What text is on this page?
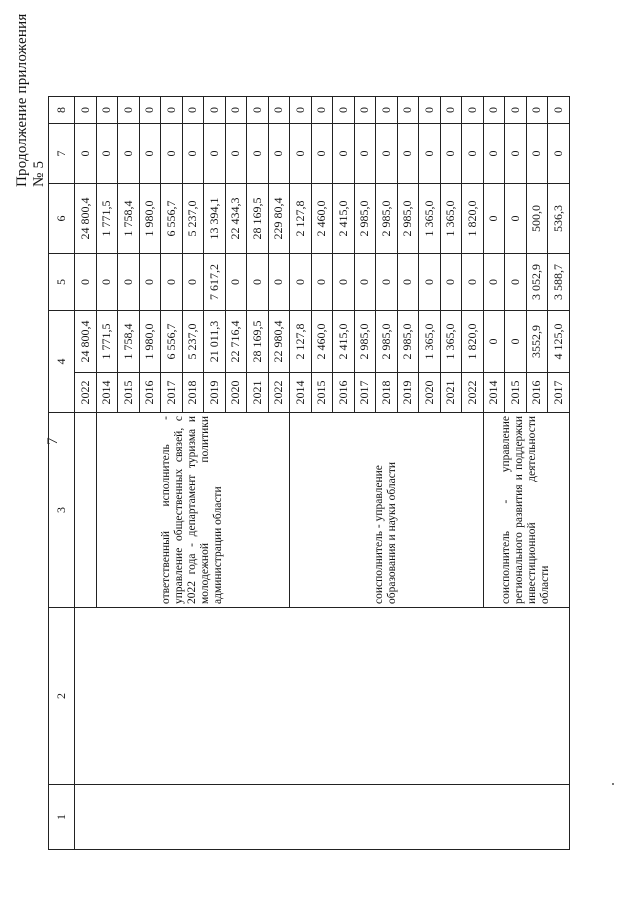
7
Продолжение приложения № 5
1	2	3	4		5	6	7	8
			2022	24 800,4	0	24 800,4	0	0
		ответственный исполнитель - управление общественных связей, с 2022 года - департамент туризма и молодежной политики администрации области	2014	1 771,5	0	1 771,5	0	0
			2015	1 758,4	0	1 758,4	0	0
			2016	1 980,0	0	1 980,0	0	0
			2017	6 556,7	0	6 556,7	0	0
			2018	5 237,0	0	5 237,0	0	0
			2019	21 011,3	7 617,2	13 394,1	0	0
			2020	22 716,4	0	22 434,3	0	0
			2021	28 169,5	0	28 169,5	0	0
			2022	22 980,4	0	229 80,4	0	0
		соисполнитель - управление образования и науки области	2014	2 127,8	0	2 127,8	0	0
			2015	2 460,0	0	2 460,0	0	0
			2016	2 415,0	0	2 415,0	0	0
			2017	2 985,0	0	2 985,0	0	0
			2018	2 985,0	0	2 985,0	0	0
			2019	2 985,0	0	2 985,0	0	0
			2020	1 365,0	0	1 365,0	0	0
			2021	1 365,0	0	1 365,0	0	0
			2022	1 820,0	0	1 820,0	0	0
		соисполнитель - управление регионального развития и поддержки инвестиционной деятельности области	2014	0	0	0	0	0
			2015	0	0	0	0	0
			2016	3552,9	3 052,9	500,0	0	0
			2017	4 125,0	3 588,7	536,3	0	0
